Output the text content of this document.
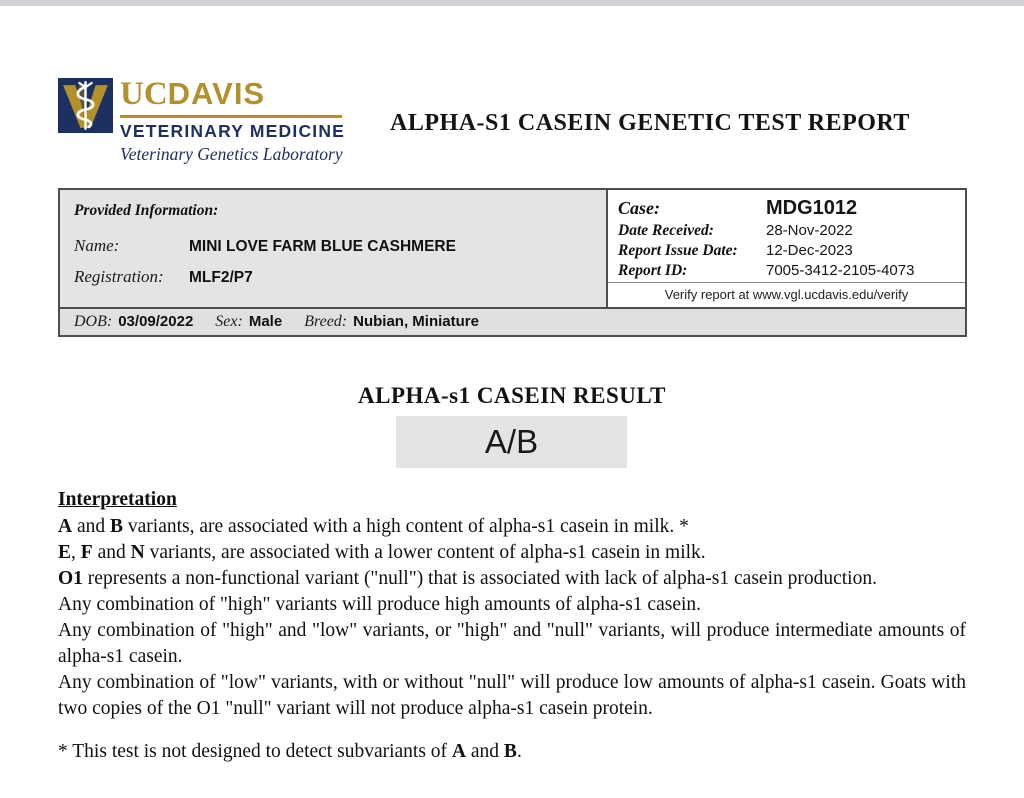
UCDAVIS
VETERINARY MEDICINE
Veterinary Genetics Laboratory
ALPHA-S1 CASEIN GENETIC TEST REPORT
Provided Information:
Name:	MINI LOVE FARM BLUE CASHMERE
Registration:	MLF2/P7
Case:	MDG1012
Date Received:	28-Nov-2022
Report Issue Date:	12-Dec-2023
Report ID:	7005-3412-2105-4073
Verify report at www.vgl.ucdavis.edu/verify
DOB: 03/09/2022 Sex: Male Breed: Nubian, Miniature
ALPHA-s1 CASEIN RESULT
A/B
Interpretation

A and B variants, are associated with a high content of alpha-s1 casein in milk. *

E, F and N variants, are associated with a lower content of alpha-s1 casein in milk.

O1 represents a non-functional variant ("null") that is associated with lack of alpha-s1 casein production.

Any combination of "high" variants will produce high amounts of alpha-s1 casein.

Any combination of "high" and "low" variants, or "high" and "null" variants, will produce intermediate amounts of alpha-s1 casein.

Any combination of "low" variants, with or without "null" will produce low amounts of alpha-s1 casein. Goats with two copies of the O1 "null" variant will not produce alpha-s1 casein protein.

* This test is not designed to detect subvariants of A and B.
